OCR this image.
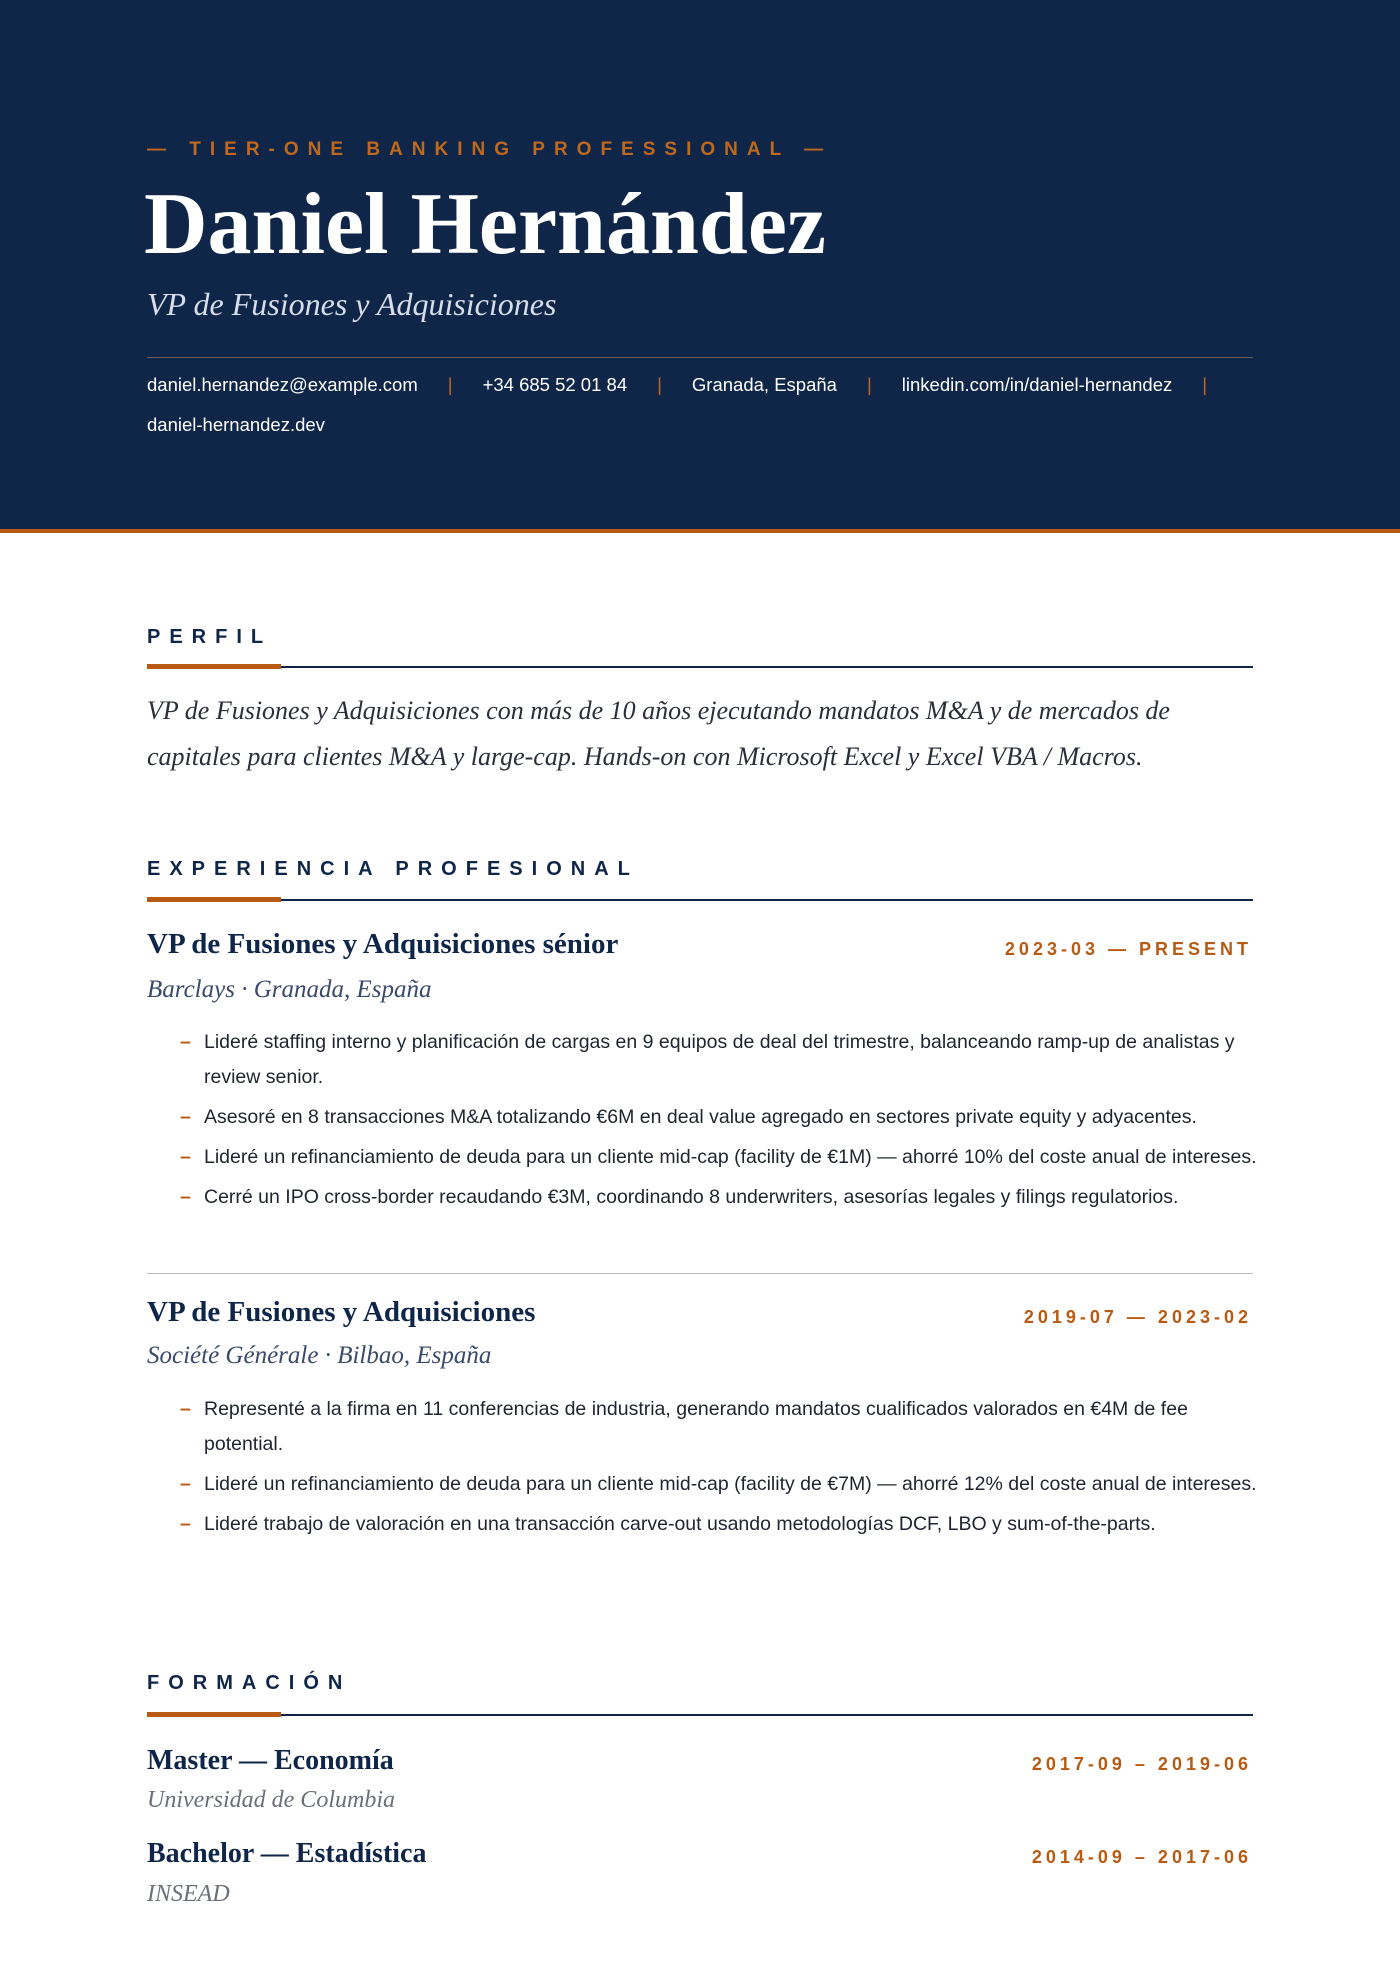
— TIER-ONE BANKING PROFESSIONAL —
Daniel Hernández
VP de Fusiones y Adquisiciones
daniel.hernandez@example.com | +34 685 52 01 84 | Granada, España | linkedin.com/in/daniel-hernandez |
daniel-hernandez.dev
PERFIL
VP de Fusiones y Adquisiciones con más de 10 años ejecutando mandatos M&A y de mercados de capitales para clientes M&A y large-cap. Hands-on con Microsoft Excel y Excel VBA / Macros.
EXPERIENCIA PROFESIONAL
VP de Fusiones y Adquisiciones sénior	2023-03 — PRESENT
Barclays · Granada, España
– Lideré staffing interno y planificación de cargas en 9 equipos de deal del trimestre, balanceando ramp-up de analistas y review senior.
– Asesoré en 8 transacciones M&A totalizando €6M en deal value agregado en sectores private equity y adyacentes.
– Lideré un refinanciamiento de deuda para un cliente mid-cap (facility de €1M) — ahorré 10% del coste anual de intereses.
– Cerré un IPO cross-border recaudando €3M, coordinando 8 underwriters, asesorías legales y filings regulatorios.
VP de Fusiones y Adquisiciones	2019-07 — 2023-02
Société Générale · Bilbao, España
– Representé a la firma en 11 conferencias de industria, generando mandatos cualificados valorados en €4M de fee potential.
– Lideré un refinanciamiento de deuda para un cliente mid-cap (facility de €7M) — ahorré 12% del coste anual de intereses.
– Lideré trabajo de valoración en una transacción carve-out usando metodologías DCF, LBO y sum-of-the-parts.
FORMACIÓN
Master — Economía	2017-09 – 2019-06
Universidad de Columbia
Bachelor — Estadística	2014-09 – 2017-06
INSEAD
